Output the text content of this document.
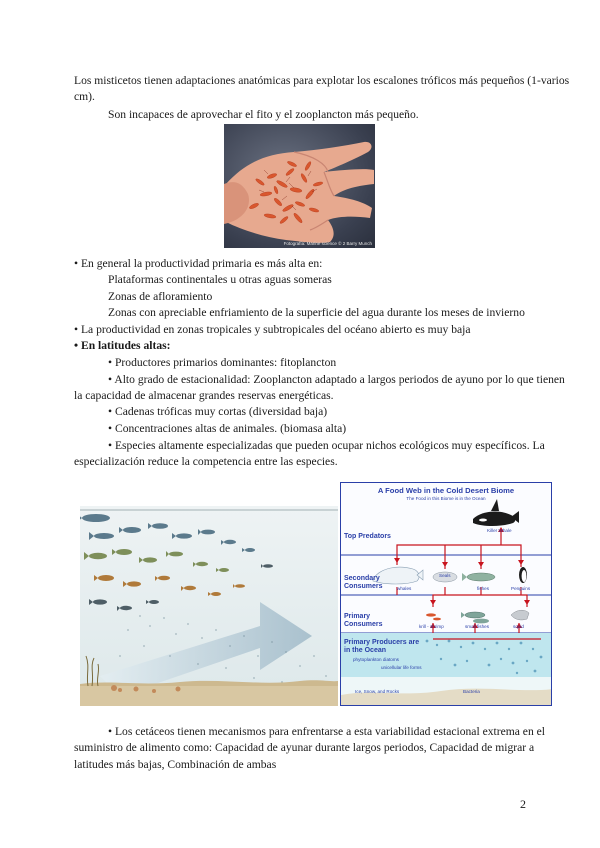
Los misticetos tienen adaptaciones anatómicas para explotar los escalones tróficos más pequeños (1-varios
cm).
Son incapaces de aprovechar el fito y el zooplancton más pequeño.
Fotografía: Marine science © 2 Barry Munch
• En general la productividad primaria es más alta en:
Plataformas continentales u otras aguas someras
Zonas de afloramiento
Zonas con apreciable enfriamiento de la superficie del agua durante los meses de invierno
• La productividad en zonas tropicales y subtropicales del océano abierto es muy baja
• En latitudes altas:
• Productores primarios dominantes: fitoplancton
• Alto grado de estacionalidad: Zooplancton adaptado a largos periodos de ayuno por lo que tienen
la capacidad de almacenar grandes reservas energéticas.
• Cadenas tróficas muy cortas (diversidad baja)
• Concentraciones altas de animales. (biomasa alta)
• Especies altamente especializadas que pueden ocupar nichos ecológicos muy específicos. La
especialización reduce la competencia entre las especies.
A Food Web in the Cold Desert Biome
The Food in this Biome is in the Ocean
Top Predators
Secondary Consumers
Primary Consumers
Primary Producers are in the Ocean
Killer Whale
whales
Seals
fishes	Penguins
krill - shrimp	small fishes	squid
phytoplankton diatoms
unicellular life forms
Ice, Snow, and Rocks	Bacteria
• Los cetáceos tienen mecanismos para enfrentarse a esta variabilidad estacional extrema en el
suministro de alimento como: Capacidad de ayunar durante largos periodos, Capacidad de migrar a
latitudes más bajas, Combinación de ambas
2
